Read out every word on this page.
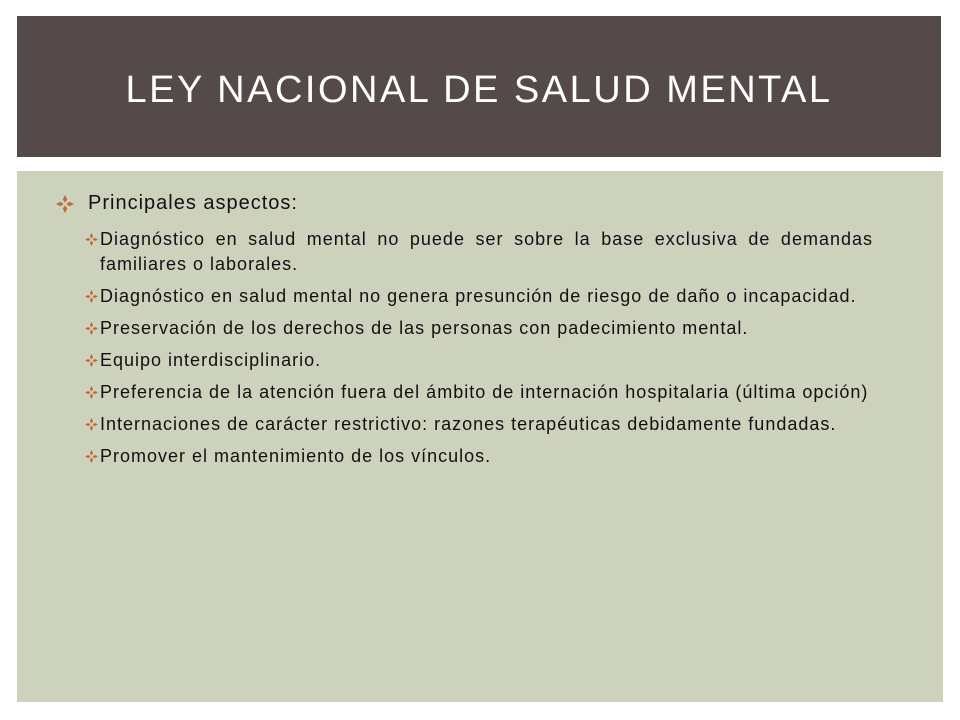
LEY NACIONAL DE SALUD MENTAL
Principales aspectos:
Diagnóstico en salud mental no puede ser sobre la base exclusiva de demandas familiares o laborales.
Diagnóstico en salud mental no genera presunción de riesgo de daño o incapacidad.
Preservación de los derechos de las personas con padecimiento mental.
Equipo interdisciplinario.
Preferencia de la atención fuera del ámbito de internación hospitalaria (última opción)
Internaciones de carácter restrictivo: razones terapéuticas debidamente fundadas.
Promover el mantenimiento de los vínculos.
